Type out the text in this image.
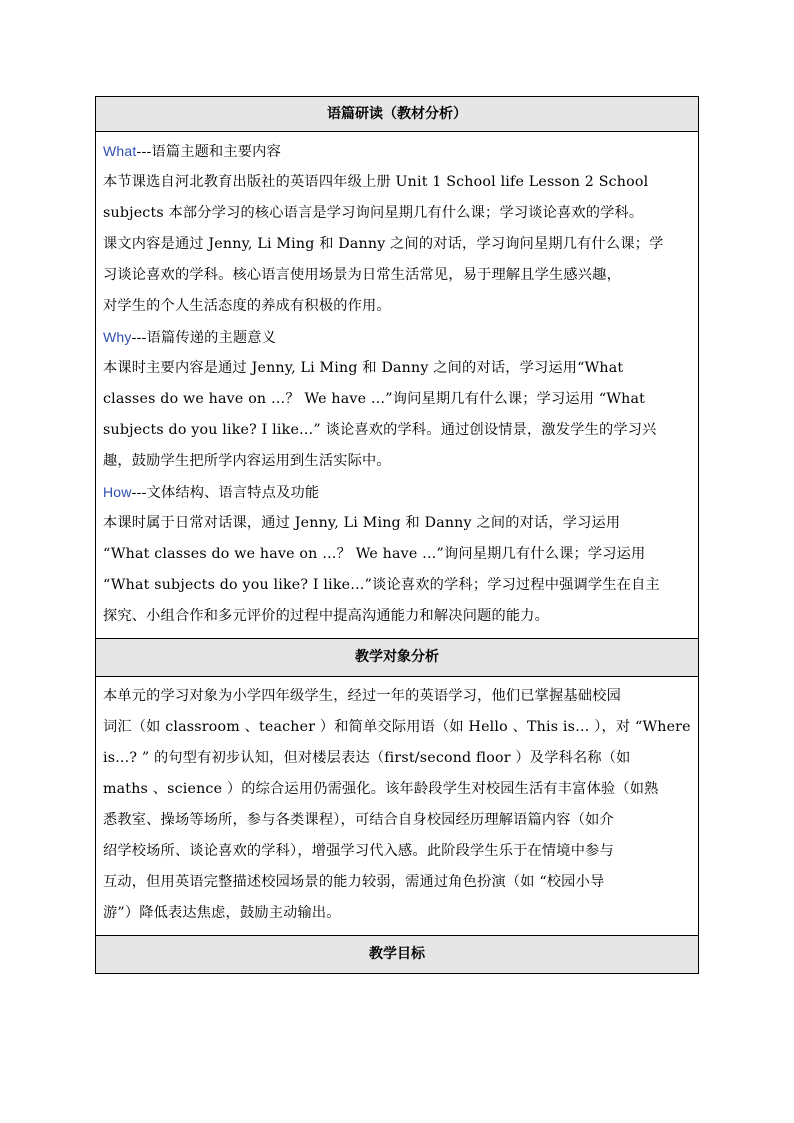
语篇研读（教材分析）

What---语篇主题和主要内容
本节课选自河北教育出版社的英语四年级上册 Unit 1 School life Lesson 2 School
subjects 本部分学习的核心语言是学习询问星期几有什么课；学习谈论喜欢的学科。
课文内容是通过 Jenny, Li Ming 和 Danny 之间的对话，学习询问星期几有什么课；学
习谈论喜欢的学科。核心语言使用场景为日常生活常见，易于理解且学生感兴趣，
对学生的个人生活态度的养成有积极的作用。
Why---语篇传递的主题意义
本课时主要内容是通过 Jenny, Li Ming 和 Danny 之间的对话，学习运用“What
classes do we have on …？ We have …”询问星期几有什么课；学习运用 “What
subjects do you like? I like…” 谈论喜欢的学科。通过创设情景，激发学生的学习兴
趣，鼓励学生把所学内容运用到生活实际中。
How---文体结构、语言特点及功能
本课时属于日常对话课，通过 Jenny, Li Ming 和 Danny 之间的对话，学习运用
“What classes do we have on …？ We have …”询问星期几有什么课；学习运用
“What subjects do you like? I like…”谈论喜欢的学科；学习过程中强调学生在自主
探究、小组合作和多元评价的过程中提高沟通能力和解决问题的能力。

教学对象分析

本单元的学习对象为小学四年级学生，经过一年的英语学习，他们已掌握基础校园
词汇（如 classroom 、teacher ）和简单交际用语（如 Hello 、This is… ），对 “Where
is...? ” 的句型有初步认知，但对楼层表达（first/second floor ）及学科名称（如
maths 、science ）的综合运用仍需强化。该年龄段学生对校园生活有丰富体验（如熟
悉教室、操场等场所，参与各类课程），可结合自身校园经历理解语篇内容（如介
绍学校场所、谈论喜欢的学科），增强学习代入感。此阶段学生乐于在情境中参与
互动，但用英语完整描述校园场景的能力较弱，需通过角色扮演（如 “校园小导
游”）降低表达焦虑，鼓励主动输出。

教学目标
